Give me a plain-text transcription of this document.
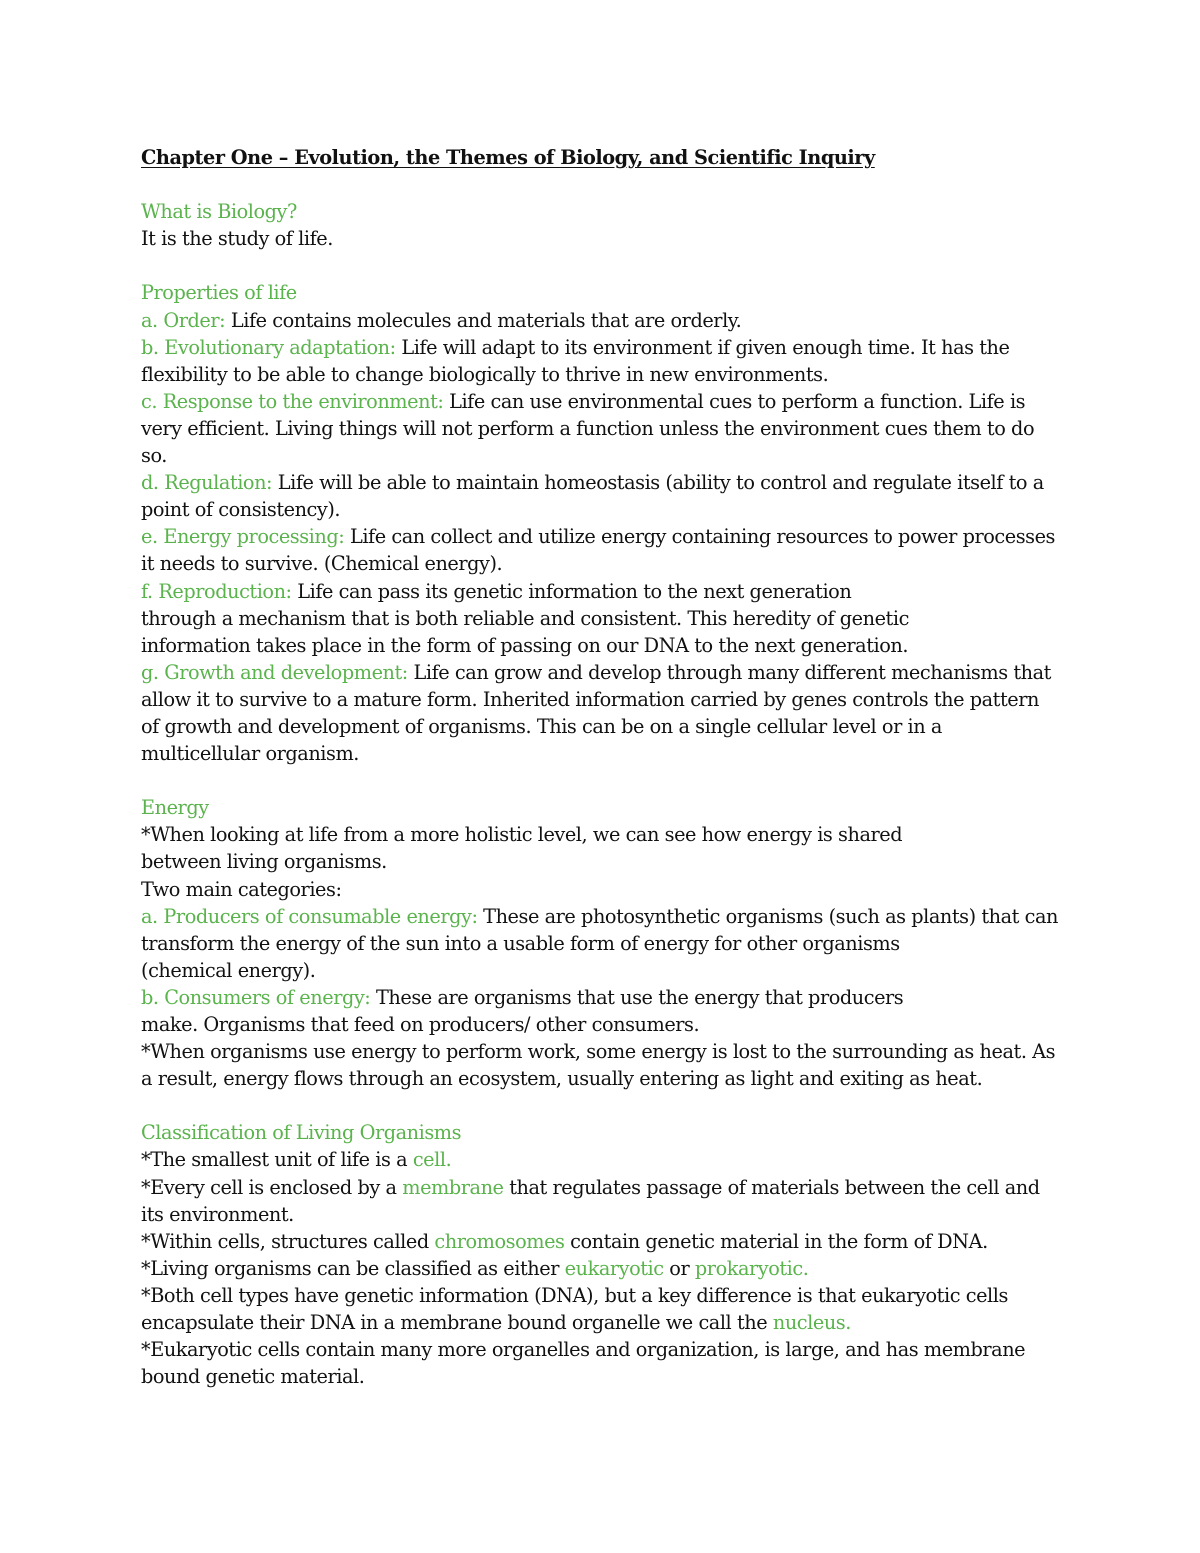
Chapter One – Evolution, the Themes of Biology, and Scientific Inquiry

What is Biology?

It is the study of life.

Properties of life

a. Order: Life contains molecules and materials that are orderly.

b. Evolutionary adaptation: Life will adapt to its environment if given enough time. It has the

flexibility to be able to change biologically to thrive in new environments.

c. Response to the environment: Life can use environmental cues to perform a function. Life is

very efficient. Living things will not perform a function unless the environment cues them to do

so.

d. Regulation: Life will be able to maintain homeostasis (ability to control and regulate itself to a

point of consistency).

e. Energy processing: Life can collect and utilize energy containing resources to power processes

it needs to survive. (Chemical energy).

f. Reproduction: Life can pass its genetic information to the next generation

through a mechanism that is both reliable and consistent. This heredity of genetic

information takes place in the form of passing on our DNA to the next generation.

g. Growth and development: Life can grow and develop through many different mechanisms that

allow it to survive to a mature form. Inherited information carried by genes controls the pattern

of growth and development of organisms. This can be on a single cellular level or in a

multicellular organism.

Energy

*When looking at life from a more holistic level, we can see how energy is shared

between living organisms.

Two main categories:

a. Producers of consumable energy: These are photosynthetic organisms (such as plants) that can

transform the energy of the sun into a usable form of energy for other organisms

(chemical energy).

b. Consumers of energy: These are organisms that use the energy that producers

make. Organisms that feed on producers/ other consumers.

*When organisms use energy to perform work, some energy is lost to the surrounding as heat. As

a result, energy flows through an ecosystem, usually entering as light and exiting as heat.

Classification of Living Organisms

*The smallest unit of life is a cell.

*Every cell is enclosed by a membrane that regulates passage of materials between the cell and

its environment.

*Within cells, structures called chromosomes contain genetic material in the form of DNA.

*Living organisms can be classified as either eukaryotic or prokaryotic.

*Both cell types have genetic information (DNA), but a key difference is that eukaryotic cells

encapsulate their DNA in a membrane bound organelle we call the nucleus.

*Eukaryotic cells contain many more organelles and organization, is large, and has membrane

bound genetic material.
